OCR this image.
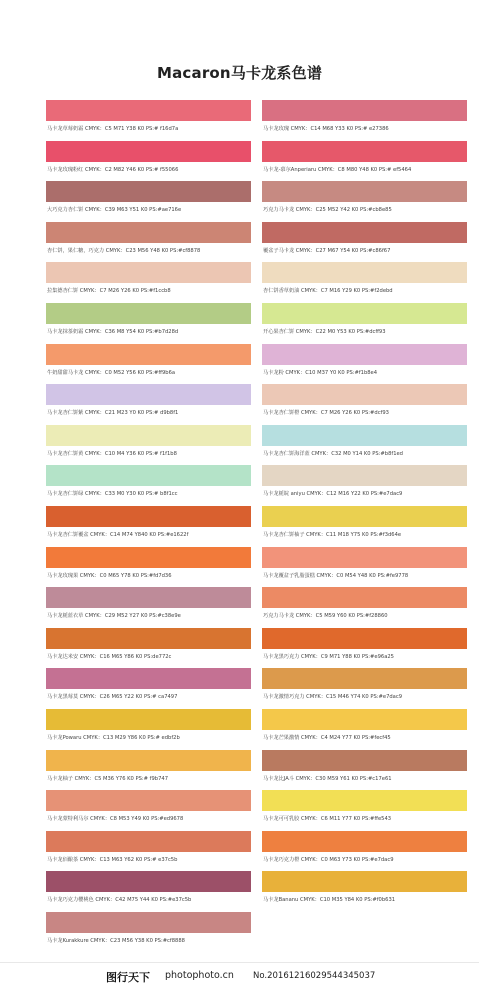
Macaron马卡龙系色谱
马卡龙草莓奶霜 CMYK：C5 M71 Y38 K0 PS:# f16d7a
马卡龙玫瑰粉红 CMYK：C2 M82 Y46 K0 PS:# f55066
大巧克力杏仁饼 CMYK：C39 M63 Y51 K0 PS:#ae716e
杏仁饼，果仁糖，巧克力 CMYK：C23 M56 Y48 K0 PS:#cf8878
拉集德杏仁饼 CMYK：C7 M26 Y26 K0 PS:#f1ccb8
马卡龙抹茶奶霜 CMYK：C36 M8 Y54 K0 PS:#b7d28d
牛奶甜甜马卡龙 CMYK：C0 M52 Y56 K0 PS:#ff9b6a
马卡龙杏仁饼紫 CMYK：C21 M23 Y0 K0 PS:# d9b8f1
马卡龙杏仁饼黄 CMYK：C10 M4 Y36 K0 PS:# f1f1b8
马卡龙杏仁饼绿 CMYK：C33 M0 Y30 K0 PS:# b8f1cc
马卡龙杏仁饼覆盆 CMYK：C14 M74 Y840 K0 PS:#e1622f
马卡龙玫瑰果 CMYK：C0 M65 Y78 K0 PS:#fd7d36
马卡龙栀蓝衣草 CMYK：C29 M52 Y27 K0 PS:#c38e9e
马卡龙达米安 CMYK：C16 M65 Y86 K0 PS:de772c
马卡龙黑莓莫 CMYK：C26 M65 Y22 K0 PS:# ca7497
马卡龙Powaru CMYK：C13 M29 Y86 K0 PS:# edbf2b
马卡龙柚子 CMYK：C5 M36 Y76 K0 PS:# f9b747
马卡龙蒙特利马尔 CMYK：C8 M53 Y49 K0 PS:#ed9678
马卡龙佰酿茶 CMYK：C13 M63 Y62 K0 PS:# e37c5b
马卡龙巧克力樱桃色 CMYK：C42 M75 Y44 K0 PS:#e37c5b
马卡龙Kurakkure CMYK：C23 M56 Y38 K0 PS:#cf8888
马卡龙玫瑰 CMYK：C14 M68 Y33 K0 PS:# e27386
马卡龙-慕尔Anperiaru CMYK：C8 M80 Y48 K0 PS:# ef5464
巧克力马卡龙 CMYK：C25 M52 Y42 K0 PS:#cb8e85
覆盆子马卡龙 CMYK：C27 M67 Y54 K0 PS:#c86f67
杏仁饼香草奶油 CMYK：C7 M16 Y29 K0 PS:#f2debd
开心果杏仁饼 CMYK：C22 M0 Y53 K0 PS:#dcff93
马卡龙粉 CMYK：C10 M37 Y0 K0 PS:#f1b8e4
马卡龙杏仁饼橙 CMYK：C7 M26 Y26 K0 PS:#dcf93
马卡龙杏仁饼海洋蓝 CMYK：C32 M0 Y14 K0 PS:#b8f1ed
马卡龙栀皖 aniyu CMYK：C12 M16 Y22 K0 PS:#e7dac9
马卡龙杏仁饼柚子 CMYK：C11 M18 Y75 K0 PS:#f3d64e
马卡龙覆盆子乳脂蛋糕 CMYK：C0 M54 Y48 K0 PS:#fe9778
巧克力马卡龙 CMYK：C5 M59 Y60 K0 PS:#f28860
马卡龙黑巧克力 CMYK：C9 M71 Y88 K0 PS:#e96a25
马卡龙激情巧克力 CMYK：C15 M46 Y74 K0 PS:#e7dac9
马卡龙芒果激情 CMYK：C4 M24 Y77 K0 PS:#fecf45
马卡龙比JA斗 CMYK：C30 M59 Y61 K0 PS:#c17e61
马卡龙可可乳胶 CMYK：C6 M11 Y77 K0 PS:#ffe543
马卡龙巧克力橙 CMYK：C0 M63 Y73 K0 PS:#e7dac9
马卡龙Bananu CMYK：C10 M35 Y84 K0 PS:#f0b631
图行天下 photophoto.cn No.20161216029544345037
